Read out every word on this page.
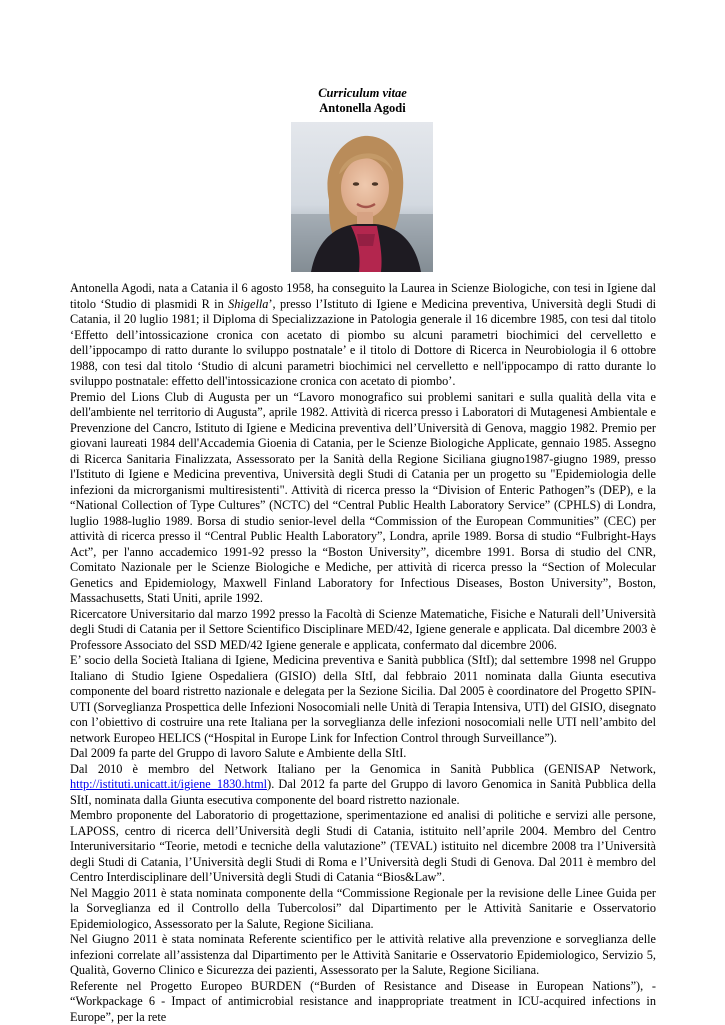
Curriculum vitae
Antonella Agodi

Antonella Agodi, nata a Catania il 6 agosto 1958, ha conseguito la Laurea in Scienze Biologiche, con tesi in Igiene dal titolo ‘Studio di plasmidi R in Shigella’, presso l’Istituto di Igiene e Medicina preventiva, Università degli Studi di Catania, il 20 luglio 1981; il Diploma di Specializzazione in Patologia generale il 16 dicembre 1985, con tesi dal titolo ‘Effetto dell’intossicazione cronica con acetato di piombo su alcuni parametri biochimici del cervelletto e dell’ippocampo di ratto durante lo sviluppo postnatale’ e il titolo di Dottore di Ricerca in Neurobiologia il 6 ottobre 1988, con tesi dal titolo ‘Studio di alcuni parametri biochimici nel cervelletto e nell'ippocampo di ratto durante lo sviluppo postnatale: effetto dell'intossicazione cronica con acetato di piombo’.

Premio del Lions Club di Augusta per un “Lavoro monografico sui problemi sanitari e sulla qualità della vita e dell'ambiente nel territorio di Augusta”, aprile 1982. Attività di ricerca presso i Laboratori di Mutagenesi Ambientale e Prevenzione del Cancro, Istituto di Igiene e Medicina preventiva dell’Università di Genova, maggio 1982. Premio per giovani laureati 1984 dell'Accademia Gioenia di Catania, per le Scienze Biologiche Applicate, gennaio 1985. Assegno di Ricerca Sanitaria Finalizzata, Assessorato per la Sanità della Regione Siciliana giugno1987-giugno 1989, presso l'Istituto di Igiene e Medicina preventiva, Università degli Studi di Catania per un progetto su "Epidemiologia delle infezioni da microrganismi multiresistenti". Attività di ricerca presso la “Division of Enteric Pathogen”s (DEP), e la “National Collection of Type Cultures” (NCTC) del “Central Public Health Laboratory Service” (CPHLS) di Londra, luglio 1988-luglio 1989. Borsa di studio senior-level della “Commission of the European Communities” (CEC) per attività di ricerca presso il “Central Public Health Laboratory”, Londra, aprile 1989. Borsa di studio “Fulbright-Hays Act”, per l'anno accademico 1991-92 presso la “Boston University”, dicembre 1991. Borsa di studio del CNR, Comitato Nazionale per le Scienze Biologiche e Mediche, per attività di ricerca presso la “Section of Molecular Genetics and Epidemiology, Maxwell Finland Laboratory for Infectious Diseases, Boston University”, Boston, Massachusetts, Stati Uniti, aprile 1992.

Ricercatore Universitario dal marzo 1992 presso la Facoltà di Scienze Matematiche, Fisiche e Naturali dell’Università degli Studi di Catania per il Settore Scientifico Disciplinare MED/42, Igiene generale e applicata. Dal dicembre 2003 è Professore Associato del SSD MED/42 Igiene generale e applicata, confermato dal dicembre 2006.

E’ socio della Società Italiana di Igiene, Medicina preventiva e Sanità pubblica (SItI); dal settembre 1998 nel Gruppo Italiano di Studio Igiene Ospedaliera (GISIO) della SItI, dal febbraio 2011 nominata dalla Giunta esecutiva componente del board ristretto nazionale e delegata per la Sezione Sicilia. Dal 2005 è coordinatore del Progetto SPIN-UTI (Sorveglianza Prospettica delle Infezioni Nosocomiali nelle Unità di Terapia Intensiva, UTI) del GISIO, disegnato con l’obiettivo di costruire una rete Italiana per la sorveglianza delle infezioni nosocomiali nelle UTI nell’ambito del network Europeo HELICS (“Hospital in Europe Link for Infection Control through Surveillance”).

Dal 2009 fa parte del Gruppo di lavoro Salute e Ambiente della SItI.

Dal 2010 è membro del Network Italiano per la Genomica in Sanità Pubblica (GENISAP Network, http://istituti.unicatt.it/igiene_1830.html). Dal 2012 fa parte del Gruppo di lavoro Genomica in Sanità Pubblica della SItI, nominata dalla Giunta esecutiva componente del board ristretto nazionale.

Membro proponente del Laboratorio di progettazione, sperimentazione ed analisi di politiche e servizi alle persone, LAPOSS, centro di ricerca dell’Università degli Studi di Catania, istituito nell’aprile 2004. Membro del Centro Interuniversitario “Teorie, metodi e tecniche della valutazione” (TEVAL) istituito nel dicembre 2008 tra l’Università degli Studi di Catania, l’Università degli Studi di Roma e l’Università degli Studi di Genova. Dal 2011 è membro del Centro Interdisciplinare dell’Università degli Studi di Catania “Bios&Law”.

Nel Maggio 2011 è stata nominata componente della “Commissione Regionale per la revisione delle Linee Guida per la Sorveglianza ed il Controllo della Tubercolosi” dal Dipartimento per le Attività Sanitarie e Osservatorio Epidemiologico, Assessorato per la Salute, Regione Siciliana.

Nel Giugno 2011 è stata nominata Referente scientifico per le attività relative alla prevenzione e sorveglianza delle infezioni correlate all’assistenza dal Dipartimento per le Attività Sanitarie e Osservatorio Epidemiologico, Servizio 5, Qualità, Governo Clinico e Sicurezza dei pazienti, Assessorato per la Salute, Regione Siciliana.

Referente nel Progetto Europeo BURDEN (“Burden of Resistance and Disease in European Nations”), - “Workpackage 6 - Impact of antimicrobial resistance and inappropriate treatment in ICU-acquired infections in Europe”, per la rete
